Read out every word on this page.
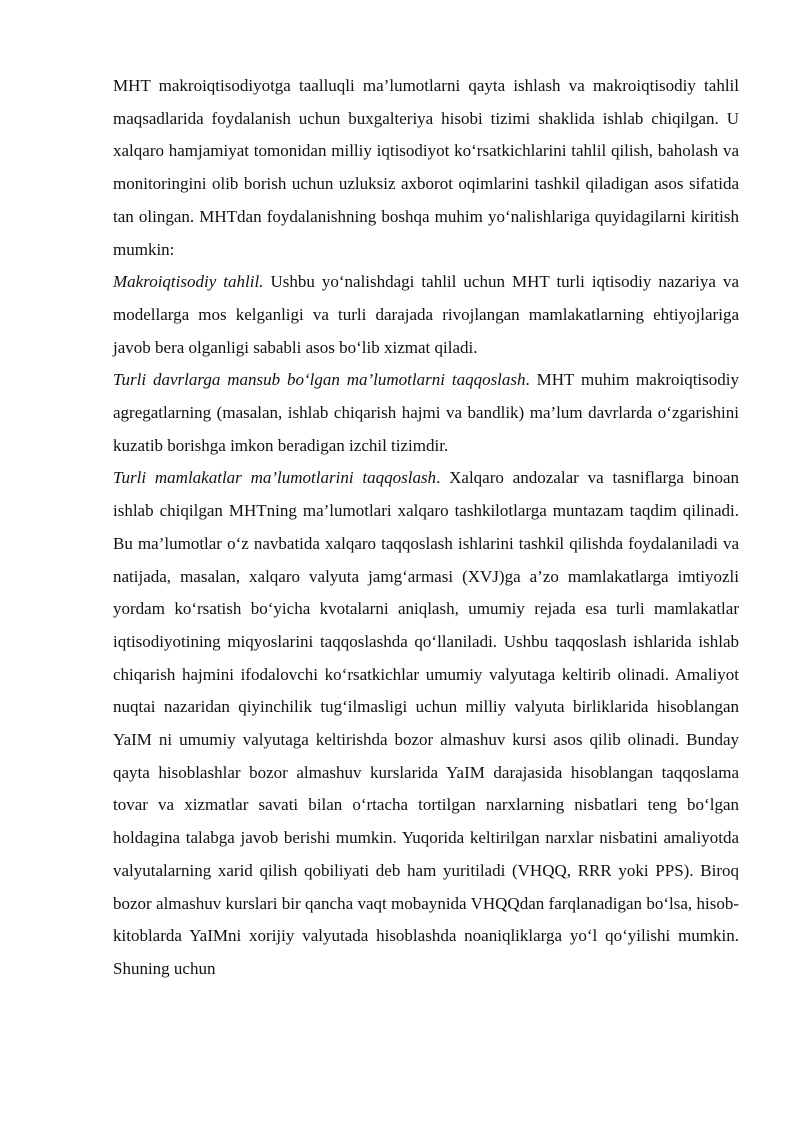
MHT makroiqtisodiyotga taalluqli ma’lumotlarni qayta ishlash va makroiqtisodiy tahlil maqsadlarida foydalanish uchun buxgalteriya hisobi tizimi shaklida ishlab chiqilgan. U xalqaro hamjamiyat tomonidan milliy iqtisodiyot ko‘rsatkichlarini tahlil qilish, baholash va monitoringini olib borish uchun uzluksiz axborot oqimlarini tashkil qiladigan asos sifatida tan olingan. MHTdan foydalanishning boshqa muhim yo‘nalishlariga quyidagilarni kiritish mumkin:

Makroiqtisodiy tahlil. Ushbu yo‘nalishdagi tahlil uchun MHT turli iqtisodiy nazariya va modellarga mos kelganligi va turli darajada rivojlangan mamlakatlarning ehtiyojlariga javob bera olganligi sababli asos bo‘lib xizmat qiladi.

Turli davrlarga mansub bo‘lgan ma’lumotlarni taqqoslash. MHT muhim makroiqtisodiy agregatlarning (masalan, ishlab chiqarish hajmi va bandlik) ma’lum davrlarda o‘zgarishini kuzatib borishga imkon beradigan izchil tizimdir.

Turli mamlakatlar ma’lumotlarini taqqoslash. Xalqaro andozalar va tasniflarga binoan ishlab chiqilgan MHTning ma’lumotlari xalqaro tashkilotlarga muntazam taqdim qilinadi. Bu ma’lumotlar o‘z navbatida xalqaro taqqoslash ishlarini tashkil qilishda foydalaniladi va natijada, masalan, xalqaro valyuta jamg‘armasi (XVJ)ga a’zo mamlakatlarga imtiyozli yordam ko‘rsatish bo‘yicha kvotalarni aniqlash, umumiy rejada esa turli mamlakatlar iqtisodiyotining miqyoslarini taqqoslashda qo‘llaniladi. Ushbu taqqoslash ishlarida ishlab chiqarish hajmini ifodalovchi ko‘rsatkichlar umumiy valyutaga keltirib olinadi. Amaliyot nuqtai nazaridan qiyinchilik tug‘ilmasligi uchun milliy valyuta birliklarida hisoblangan YaIM ni umumiy valyutaga keltirishda bozor almashuv kursi asos qilib olinadi. Bunday qayta hisoblashlar bozor almashuv kurslarida YaIM darajasida hisoblangan taqqoslama tovar va xizmatlar savati bilan o‘rtacha tortilgan narxlarning nisbatlari teng bo‘lgan holdagina talabga javob berishi mumkin. Yuqorida keltirilgan narxlar nisbatini amaliyotda valyutalarning xarid qilish qobiliyati deb ham yuritiladi (VHQQ, RRR yoki PPS). Biroq bozor almashuv kurslari bir qancha vaqt mobaynida VHQQdan farqlanadigan bo‘lsa, hisob-kitoblarda YaIMni xorijiy valyutada hisoblashda noaniqliklarga yo‘l qo‘yilishi mumkin. Shuning uchun
